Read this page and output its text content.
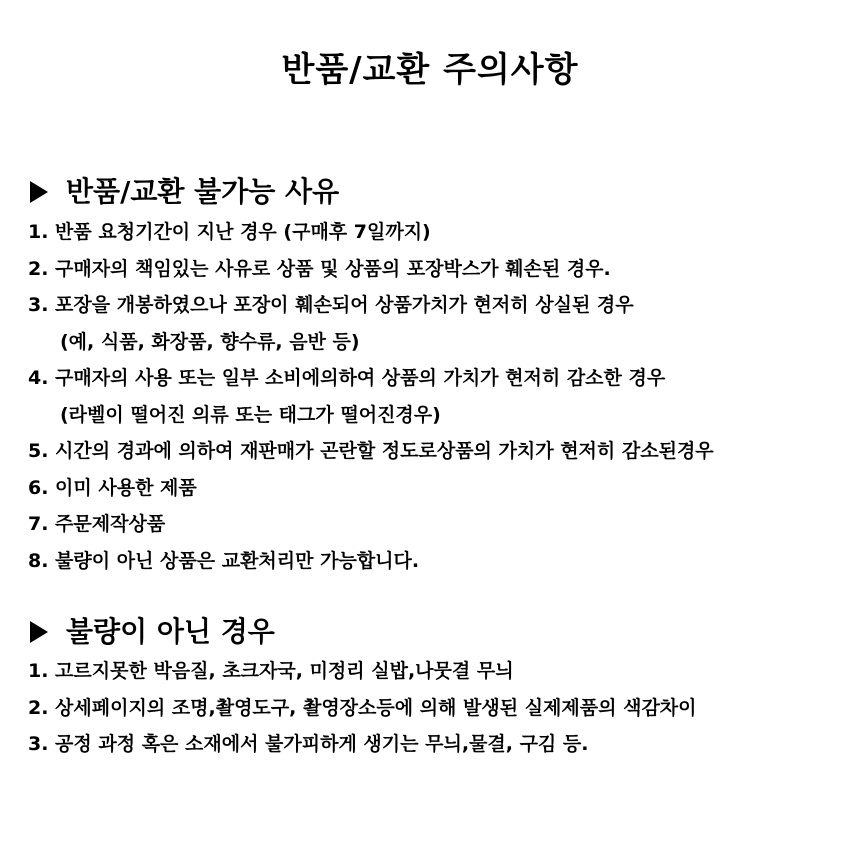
반품/교환 주의사항
반품/교환 불가능 사유
1. 반품 요청기간이 지난 경우 (구매후 7일까지)
2. 구매자의 책임있는 사유로 상품 및 상품의 포장박스가 훼손된 경우.
3. 포장을 개봉하였으나 포장이 훼손되어 상품가치가 현저히 상실된 경우
(예, 식품, 화장품, 향수류, 음반 등)
4. 구매자의 사용 또는 일부 소비에의하여 상품의 가치가 현저히 감소한 경우
(라벨이 떨어진 의류 또는 태그가 떨어진경우)
5. 시간의 경과에 의하여 재판매가 곤란할 정도로상품의 가치가 현저히 감소된경우
6. 이미 사용한 제품
7. 주문제작상품
8. 불량이 아닌 상품은 교환처리만 가능합니다.
불량이 아닌 경우
1. 고르지못한 박음질, 초크자국, 미정리 실밥,나뭇결 무늬
2. 상세페이지의 조명,촬영도구, 촬영장소등에 의해 발생된 실제제품의 색감차이
3. 공정 과정 혹은 소재에서 불가피하게 생기는 무늬,물결, 구김 등.
